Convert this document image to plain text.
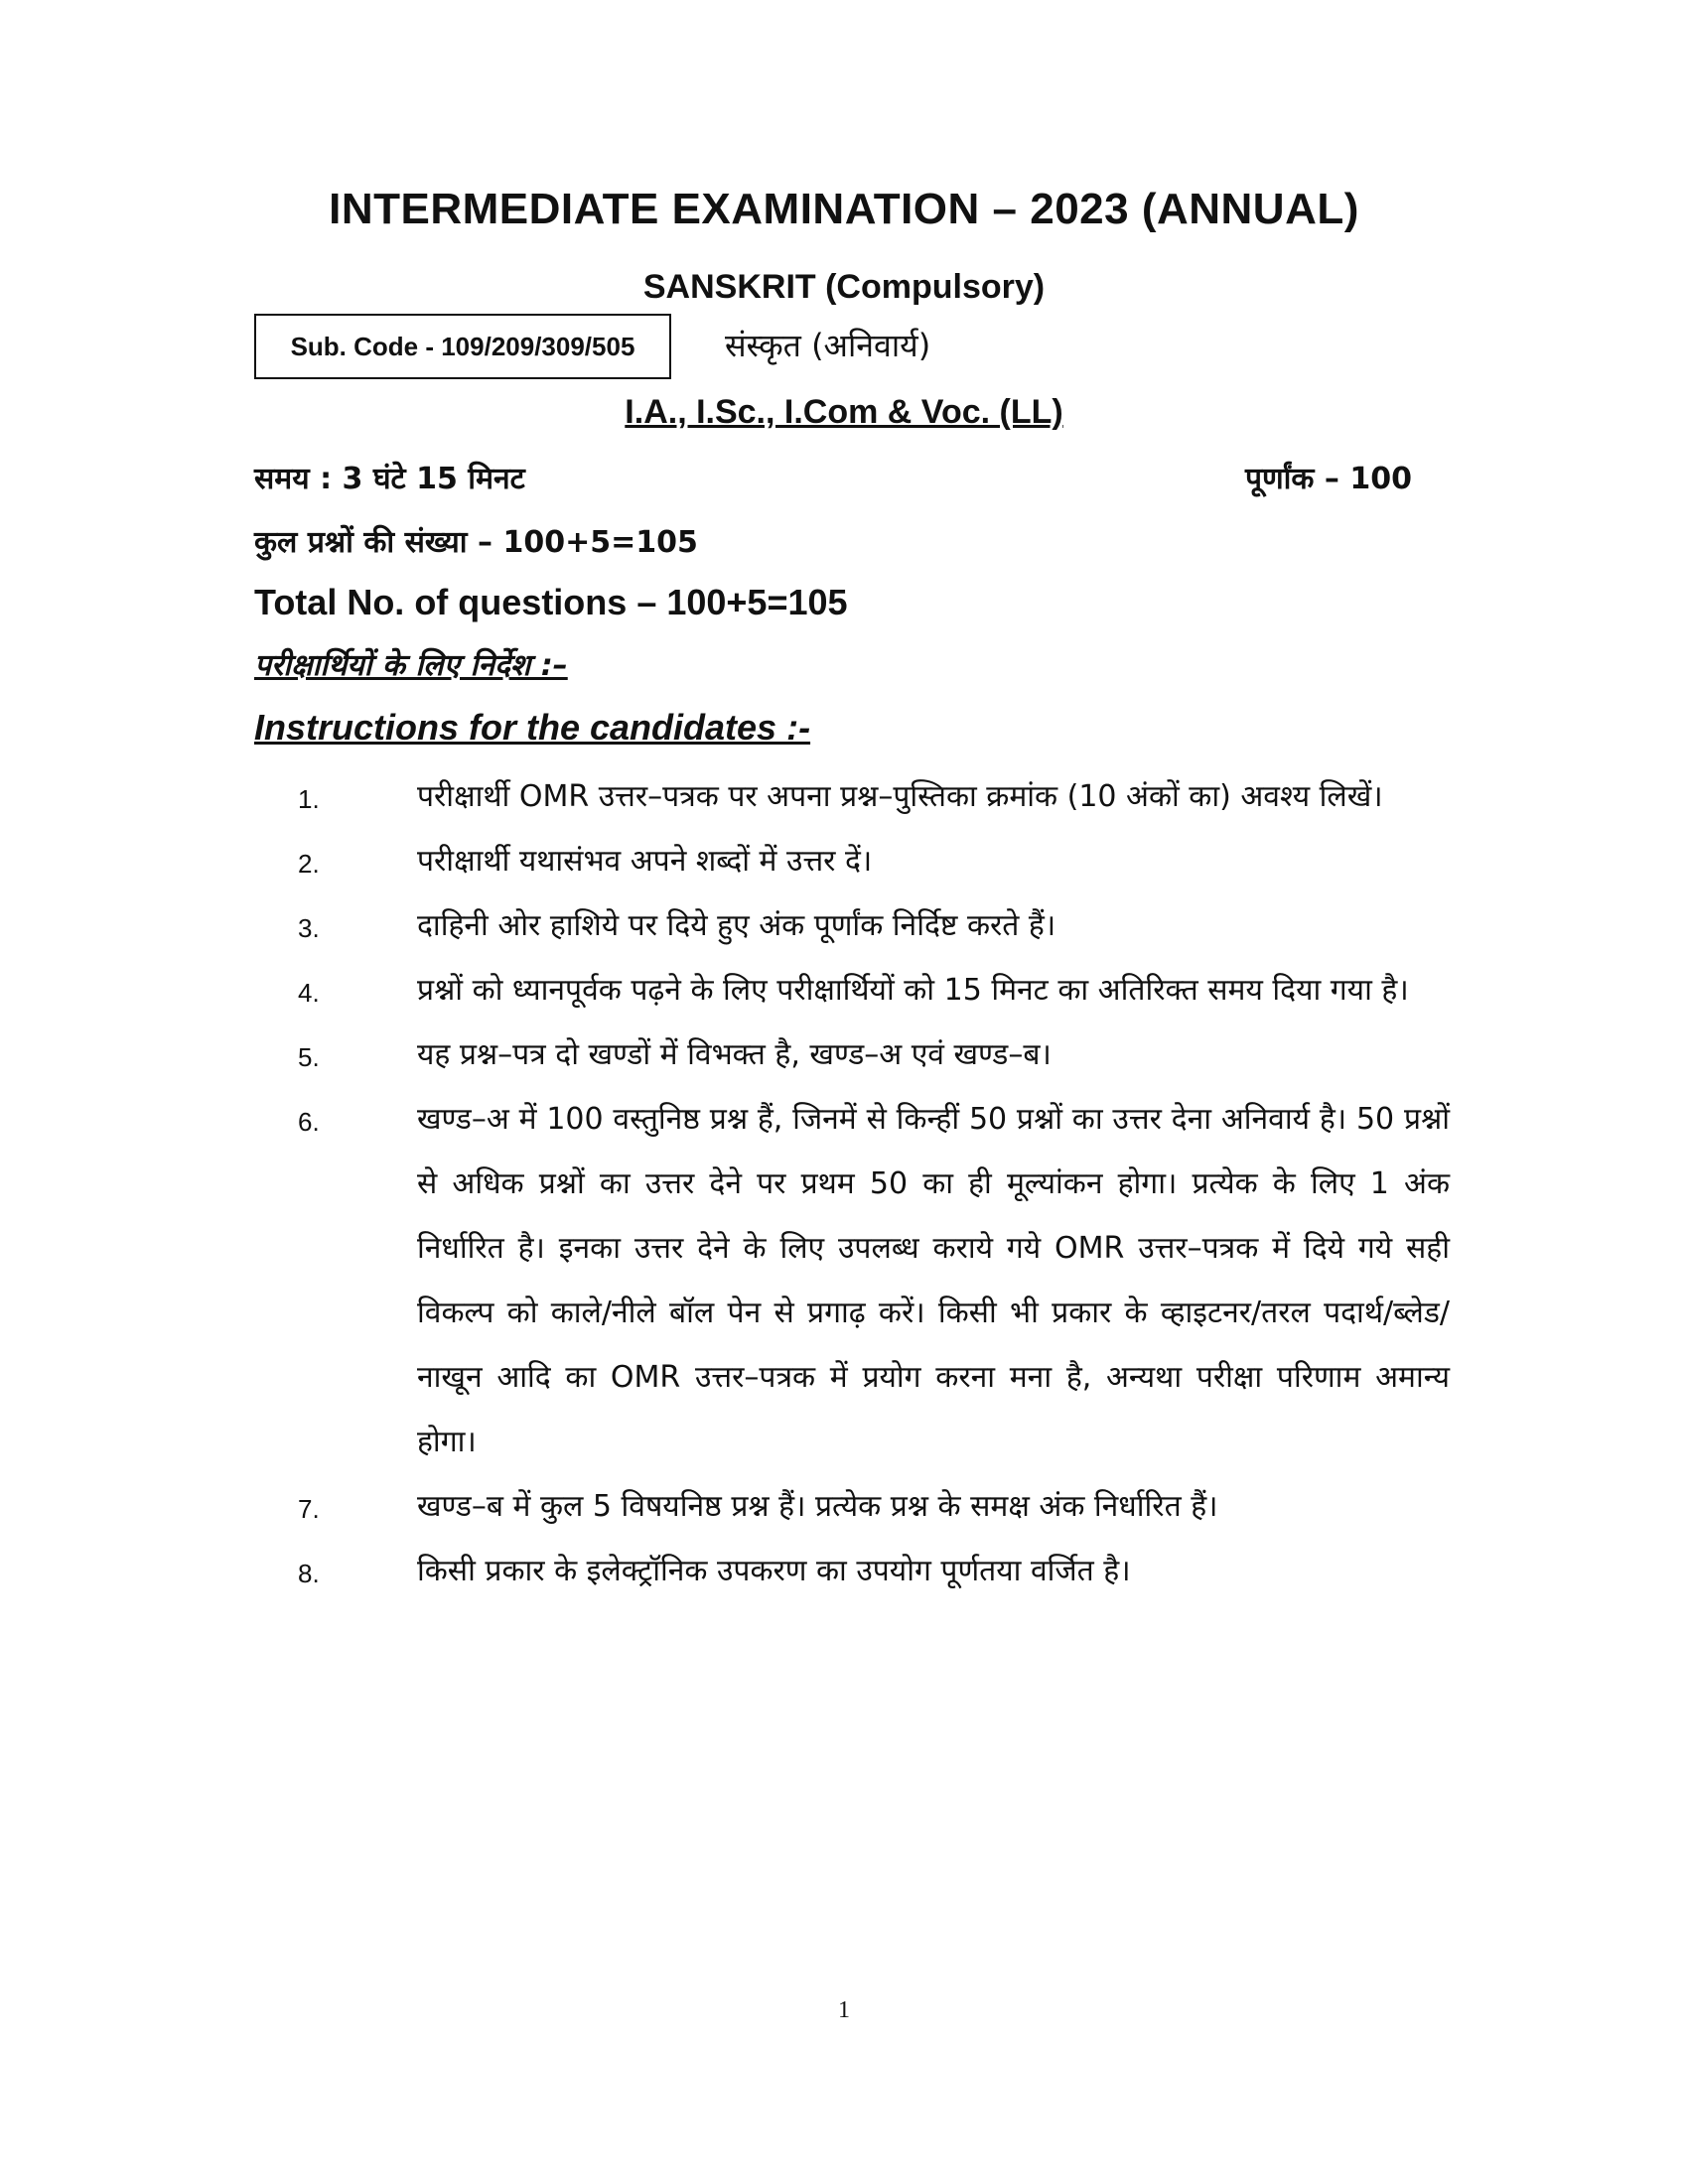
INTERMEDIATE EXAMINATION – 2023 (ANNUAL)
SANSKRIT (Compulsory)
Sub. Code - 109/209/309/505	संस्कृत (अनिवार्य)
I.A., I.Sc., I.Com & Voc. (LL)
समय : 3 घंटे 15 मिनट	पूर्णांक – 100
कुल प्रश्नों की संख्या – 100+5=105
Total No. of questions – 100+5=105
परीक्षार्थियों के लिए निर्देश :–
Instructions for the candidates :-
1.	परीक्षार्थी OMR उत्तर–पत्रक पर अपना प्रश्न–पुस्तिका क्रमांक (10 अंकों का) अवश्य लिखें।
2.	परीक्षार्थी यथासंभव अपने शब्दों में उत्तर दें।
3.	दाहिनी ओर हाशिये पर दिये हुए अंक पूर्णांक निर्दिष्ट करते हैं।
4.	प्रश्नों को ध्यानपूर्वक पढ़ने के लिए परीक्षार्थियों को 15 मिनट का अतिरिक्त समय दिया गया है।
5.	यह प्रश्न–पत्र दो खण्डों में विभक्त है, खण्ड–अ एवं खण्ड–ब।
6.	खण्ड–अ में 100 वस्तुनिष्ठ प्रश्न हैं, जिनमें से किन्हीं 50 प्रश्नों का उत्तर देना अनिवार्य है। 50 प्रश्नों से अधिक प्रश्नों का उत्तर देने पर प्रथम 50 का ही मूल्यांकन होगा। प्रत्येक के लिए 1 अंक निर्धारित है। इनका उत्तर देने के लिए उपलब्ध कराये गये OMR उत्तर–पत्रक में दिये गये सही विकल्प को काले/नीले बॉल पेन से प्रगाढ़ करें। किसी भी प्रकार के व्हाइटनर/तरल पदार्थ/ब्लेड/नाखून आदि का OMR उत्तर–पत्रक में प्रयोग करना मना है, अन्यथा परीक्षा परिणाम अमान्य होगा।
7.	खण्ड–ब में कुल 5 विषयनिष्ठ प्रश्न हैं। प्रत्येक प्रश्न के समक्ष अंक निर्धारित हैं।
8.	किसी प्रकार के इलेक्ट्रॉनिक उपकरण का उपयोग पूर्णतया वर्जित है।
1
